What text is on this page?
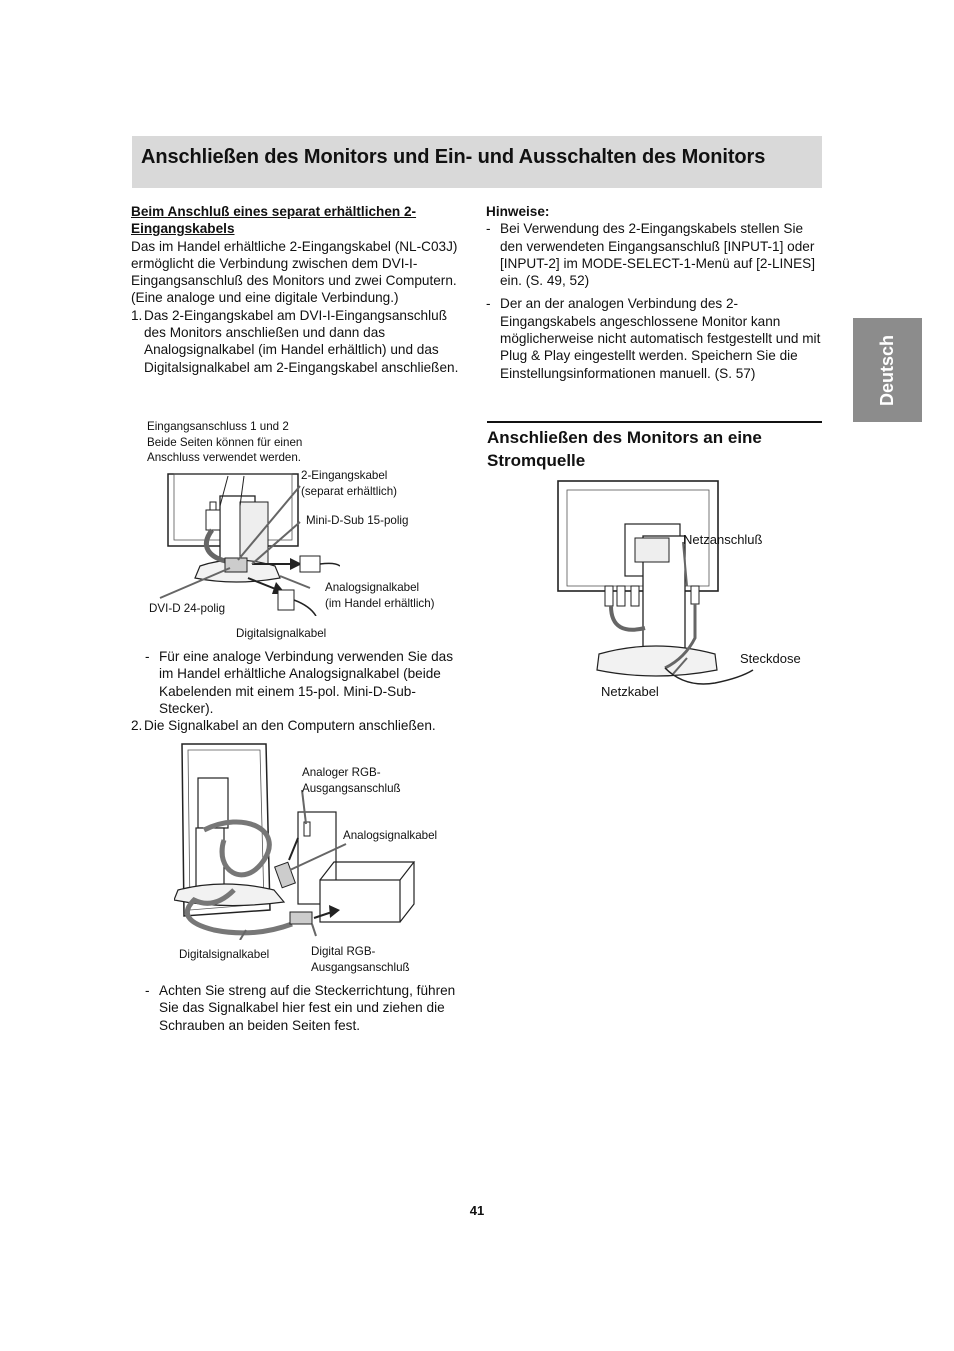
Anschließen des Monitors und Ein- und Ausschalten des Monitors
Deutsch

Beim Anschluß eines separat erhältlichen 2-Eingangskabels

Das im Handel erhältliche 2-Eingangskabel (NL-C03J) ermöglicht die Verbindung zwischen dem DVI-I-Eingangsanschluß des Monitors und zwei Computern. (Eine analoge und eine digitale Verbindung.)

1. Das 2-Eingangskabel am DVI-I-Eingangsanschluß des Monitors anschließen und dann das Analogsignalkabel (im Handel erhältlich) und das Digitalsignalkabel am 2-Eingangskabel anschließen.
Eingangsanschluss 1 und 2
Beide Seiten können für einen
Anschluss verwendet werden.
2-Eingangskabel
(separat erhältlich)
Mini-D-Sub 15-polig
Analogsignalkabel
(im Handel erhältlich)
DVI-D 24-polig
Digitalsignalkabel
- Für eine analoge Verbindung verwenden Sie das im Handel erhältliche Analogsignalkabel (beide Kabelenden mit einem 15-pol. Mini-D-Sub-Stecker).
2. Die Signalkabel an den Computern anschließen.
Analoger RGB-
Ausgangsanschluß
Analogsignalkabel
Digitalsignalkabel	Digital RGB-
Ausgangsanschluß
- Achten Sie streng auf die Steckerrichtung, führen Sie das Signalkabel hier fest ein und ziehen die Schrauben an beiden Seiten fest.

Hinweise:

- Bei Verwendung des 2-Eingangskabels stellen Sie den verwendeten Eingangsanschluß [INPUT-1] oder [INPUT-2] im MODE-SELECT-1-Menü auf [2-LINES] ein. (S. 49, 52)
- Der an der analogen Verbindung des 2-Eingangskabels angeschlossene Monitor kann möglicherweise nicht automatisch festgestellt und mit Plug & Play eingestellt werden. Speichern Sie die Einstellungsinformationen manuell. (S. 57)
Anschließen des Monitors an eine Stromquelle
Netzanschluß
Steckdose
Netzkabel
41
